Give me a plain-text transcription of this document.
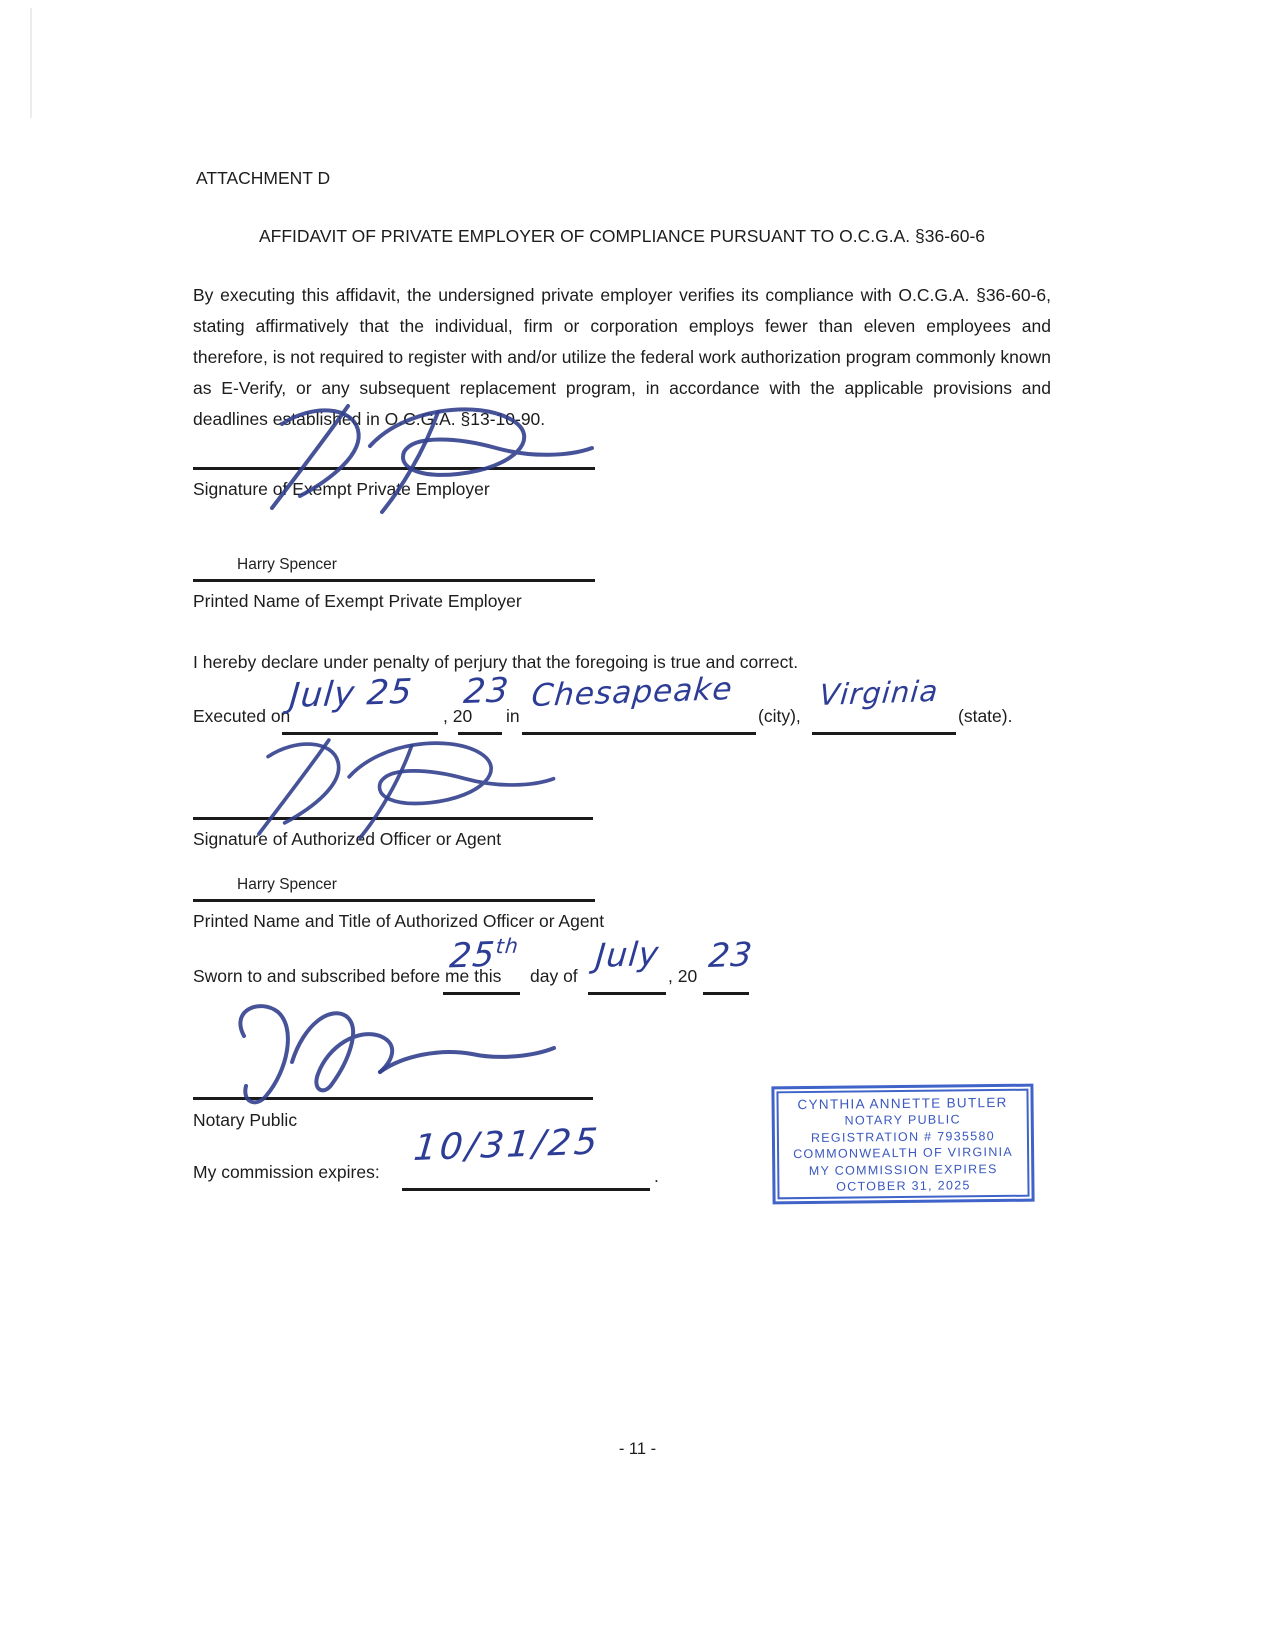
ATTACHMENT D
AFFIDAVIT OF PRIVATE EMPLOYER OF COMPLIANCE PURSUANT TO O.C.G.A. §36-60-6
By executing this affidavit, the undersigned private employer verifies its compliance with O.C.G.A. §36-60-6, stating affirmatively that the individual, firm or corporation employs fewer than eleven employees and therefore, is not required to register with and/or utilize the federal work authorization program commonly known as E-Verify, or any subsequent replacement program, in accordance with the applicable provisions and deadlines established in O.C.G.A. §13-10-90.
Signature of Exempt Private Employer
Harry Spencer
Printed Name of Exempt Private Employer
I hereby declare under penalty of perjury that the foregoing is true and correct.
Executed on
July 25 , 20
23
in
Chesapeake
(city),
Virginia
(state).
Signature of Authorized Officer or Agent
Harry Spencer
Printed Name and Title of Authorized Officer or Agent
Sworn to and subscribed before me this
25th
day of
July
, 20
23
Notary Public
My commission expires:
10/31/25
.
CYNTHIA ANNETTE BUTLER
NOTARY PUBLIC
REGISTRATION # 7935580
COMMONWEALTH OF VIRGINIA
MY COMMISSION EXPIRES
OCTOBER 31, 2025
- 11 -
